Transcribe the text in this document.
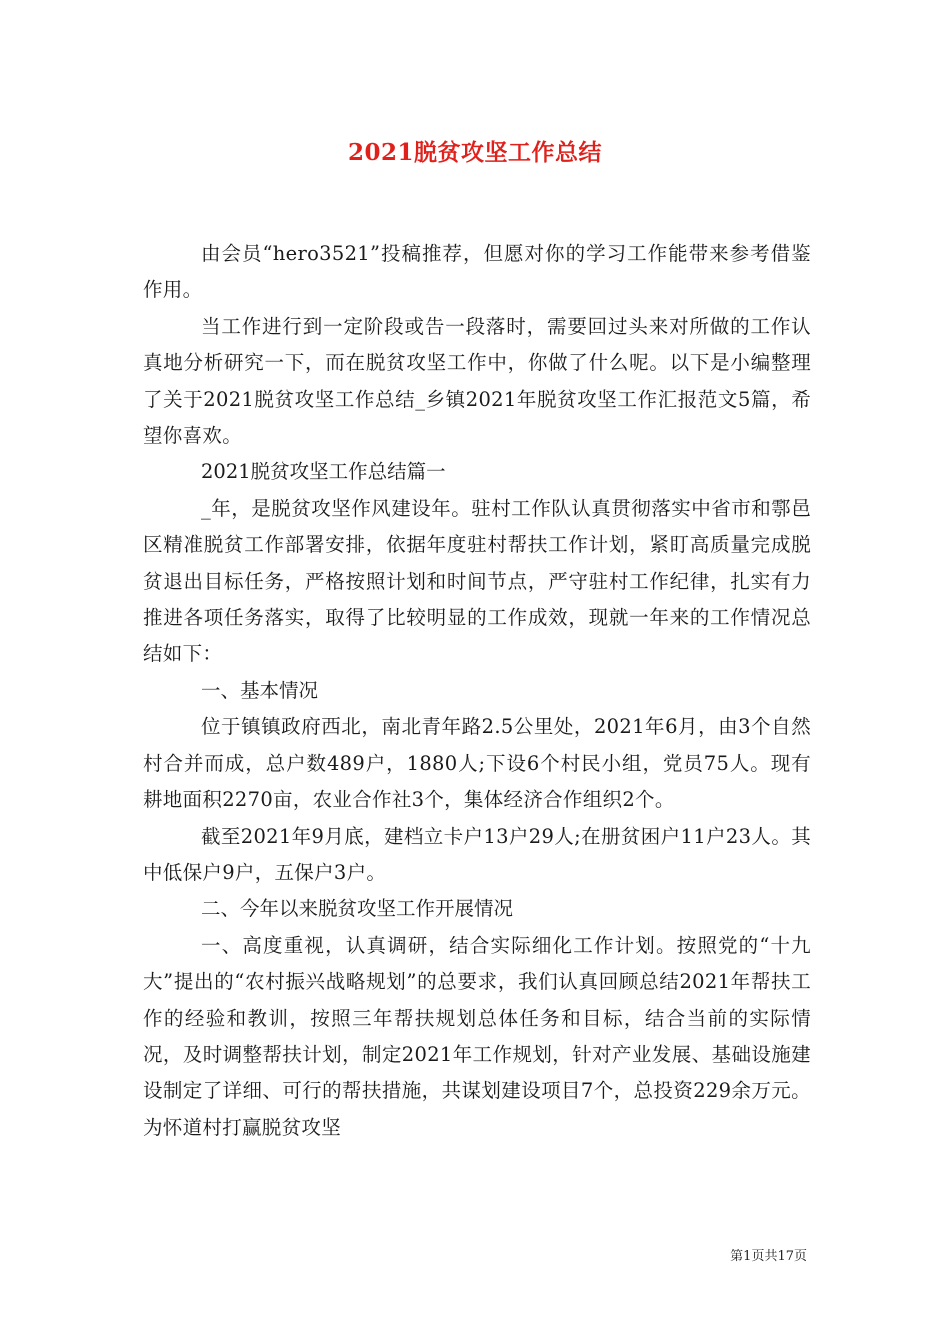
2021脱贫攻坚工作总结

由会员“hero3521”投稿推荐，但愿对你的学习工作能带来参考借鉴作用。

当工作进行到一定阶段或告一段落时，需要回过头来对所做的工作认真地分析研究一下，而在脱贫攻坚工作中，你做了什么呢。以下是小编整理了关于2021脱贫攻坚工作总结_乡镇2021年脱贫攻坚工作汇报范文5篇，希望你喜欢。

2021脱贫攻坚工作总结篇一

_年，是脱贫攻坚作风建设年。驻村工作队认真贯彻落实中省市和鄠邑区精准脱贫工作部署安排，依据年度驻村帮扶工作计划，紧盯高质量完成脱贫退出目标任务，严格按照计划和时间节点，严守驻村工作纪律，扎实有力推进各项任务落实，取得了比较明显的工作成效，现就一年来的工作情况总结如下：

一、基本情况

位于镇镇政府西北，南北青年路2.5公里处，2021年6月，由3个自然村合并而成，总户数489户，1880人;下设6个村民小组，党员75人。现有耕地面积2270亩，农业合作社3个，集体经济合作组织2个。

截至2021年9月底，建档立卡户13户29人;在册贫困户11户23人。其中低保户9户，五保户3户。

二、今年以来脱贫攻坚工作开展情况

一、高度重视，认真调研，结合实际细化工作计划。按照党的“十九大”提出的“农村振兴战略规划”的总要求，我们认真回顾总结2021年帮扶工作的经验和教训，按照三年帮扶规划总体任务和目标，结合当前的实际情况，及时调整帮扶计划，制定2021年工作规划，针对产业发展、基础设施建设制定了详细、可行的帮扶措施，共谋划建设项目7个，总投资229余万元。为怀道村打赢脱贫攻坚

第1页共17页
